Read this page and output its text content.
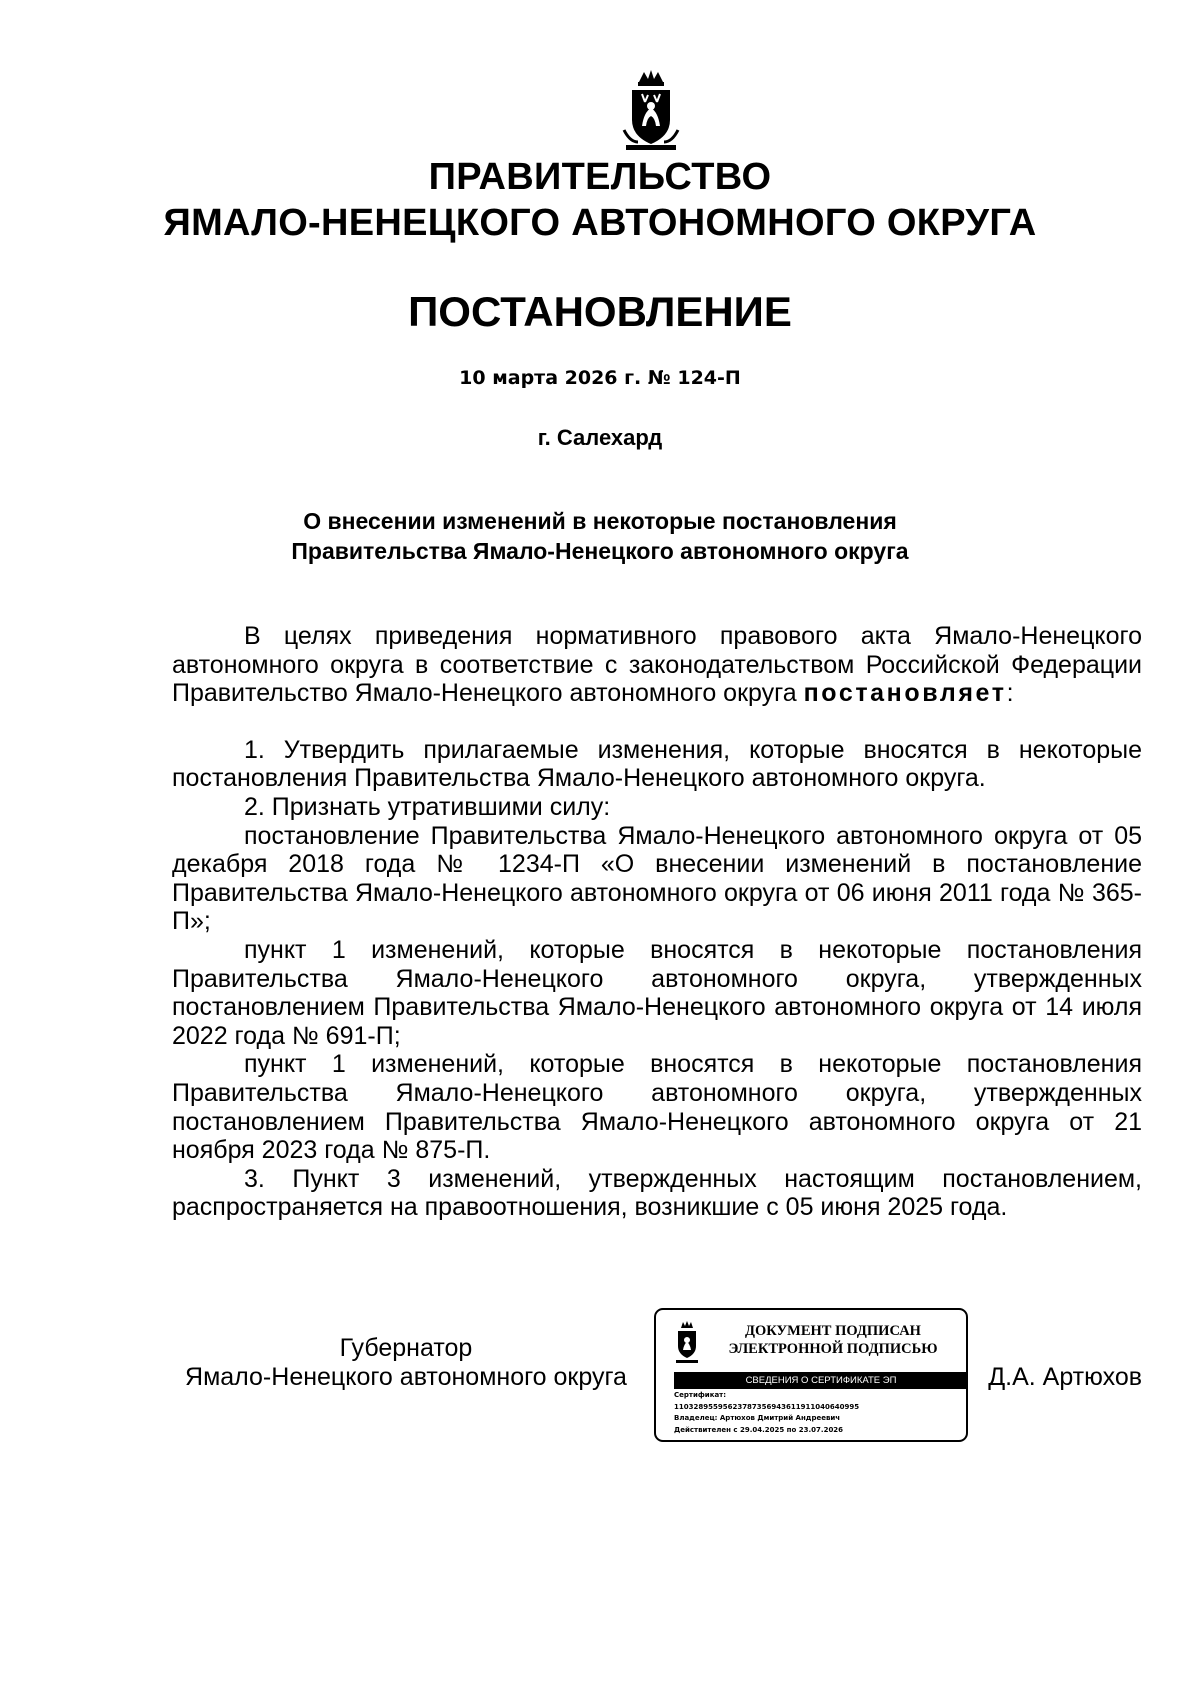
ПРАВИТЕЛЬСТВО
ЯМАЛО-НЕНЕЦКОГО АВТОНОМНОГО ОКРУГА
ПОСТАНОВЛЕНИЕ
10 марта 2026 г. № 124-П
г. Салехард
О внесении изменений в некоторые постановления
Правительства Ямало-Ненецкого автономного округа

В целях приведения нормативного правового акта Ямало-Ненецкого автономного округа в соответствие с законодательством Российской Федерации Правительство Ямало-Ненецкого автономного округа постановляет:

1. Утвердить прилагаемые изменения, которые вносятся в некоторые постановления Правительства Ямало-Ненецкого автономного округа.

2. Признать утратившими силу:

постановление Правительства Ямало-Ненецкого автономного округа от 05 декабря 2018 года № 1234-П «О внесении изменений в постановление Правительства Ямало-Ненецкого автономного округа от 06 июня 2011 года № 365-П»;

пункт 1 изменений, которые вносятся в некоторые постановления Правительства Ямало-Ненецкого автономного округа, утвержденных постановлением Правительства Ямало-Ненецкого автономного округа от 14 июля 2022 года № 691-П;

пункт 1 изменений, которые вносятся в некоторые постановления Правительства Ямало-Ненецкого автономного округа, утвержденных постановлением Правительства Ямало-Ненецкого автономного округа от 21 ноября 2023 года № 875-П.

3. Пункт 3 изменений, утвержденных настоящим постановлением, распространяется на правоотношения, возникшие с 05 июня 2025 года.

Губернатор
Ямало-Ненецкого автономного округа
ДОКУМЕНТ ПОДПИСАН
ЭЛЕКТРОННОЙ ПОДПИСЬЮ
СВЕДЕНИЯ О СЕРТИФИКАТЕ ЭП
Сертификат:
11032895595623787356943611911040640995
Владелец: Артюхов Дмитрий Андреевич
Действителен с 29.04.2025 по 23.07.2026
Д.А. Артюхов
